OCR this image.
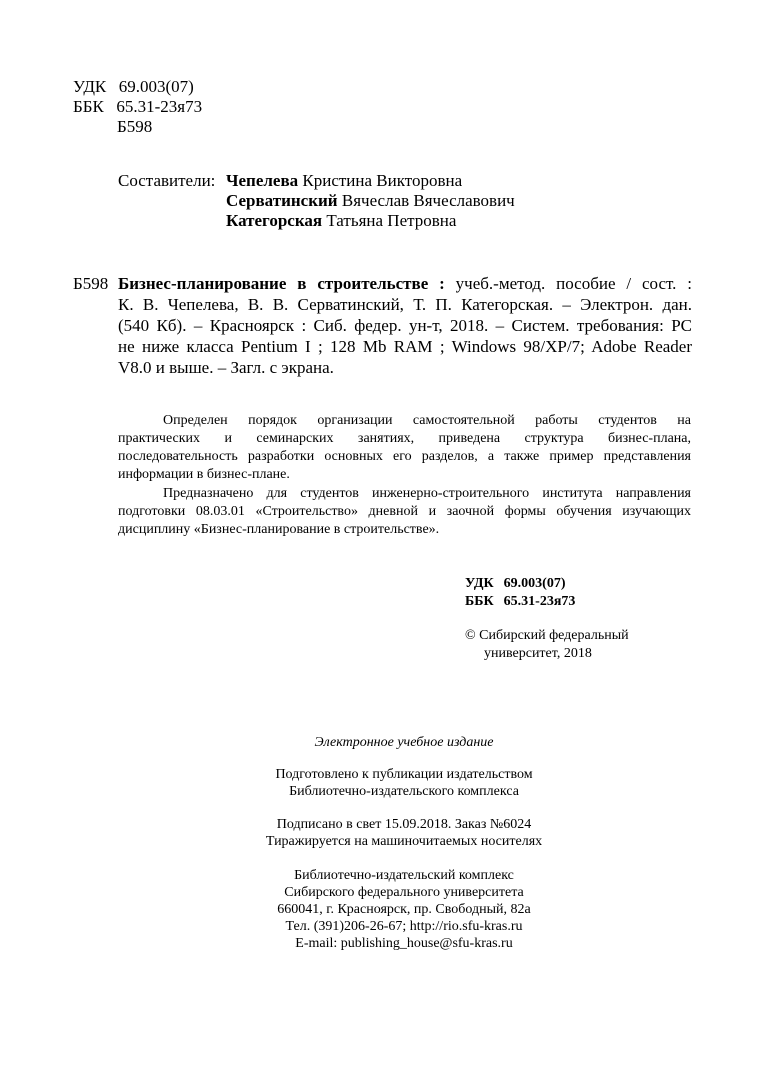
УДК 69.003(07)
ББК 65.31-23я73
Б598
Составители: Чепелева Кристина Викторовна
Серватинский Вячеслав Вячеславович
Категорская Татьяна Петровна
Б598 Бизнес-планирование в строительстве : учеб.-метод. пособие / сост. :
К. В. Чепелева, В. В. Серватинский, Т. П. Категорская. – Электрон. дан.
(540 Кб). – Красноярск : Сиб. федер. ун-т, 2018. – Систем. требования: PC
не ниже класса Pentium I ; 128 Mb RAM ; Windows 98/XP/7; Adobe Reader
V8.0 и выше. – Загл. с экрана.
Определен порядок организации самостоятельной работы студентов на
практических и семинарских занятиях, приведена структура бизнес-плана,
последовательность разработки основных его разделов, а также пример представления
информации в бизнес-плане.
Предназначено для студентов инженерно-строительного института направления
подготовки 08.03.01 «Строительство» дневной и заочной формы обучения изучающих
дисциплину «Бизнес-планирование в строительстве».
УДК 69.003(07)
ББК 65.31-23я73
© Сибирский федеральный
университет, 2018
Электронное учебное издание
Подготовлено к публикации издательством
Библиотечно-издательского комплекса
Подписано в свет 15.09.2018. Заказ №6024
Тиражируется на машиночитаемых носителях
Библиотечно-издательский комплекс
Сибирского федерального университета
660041, г. Красноярск, пр. Свободный, 82а
Тел. (391)206-26-67; http://rio.sfu-kras.ru
E-mail: publishing_house@sfu-kras.ru
